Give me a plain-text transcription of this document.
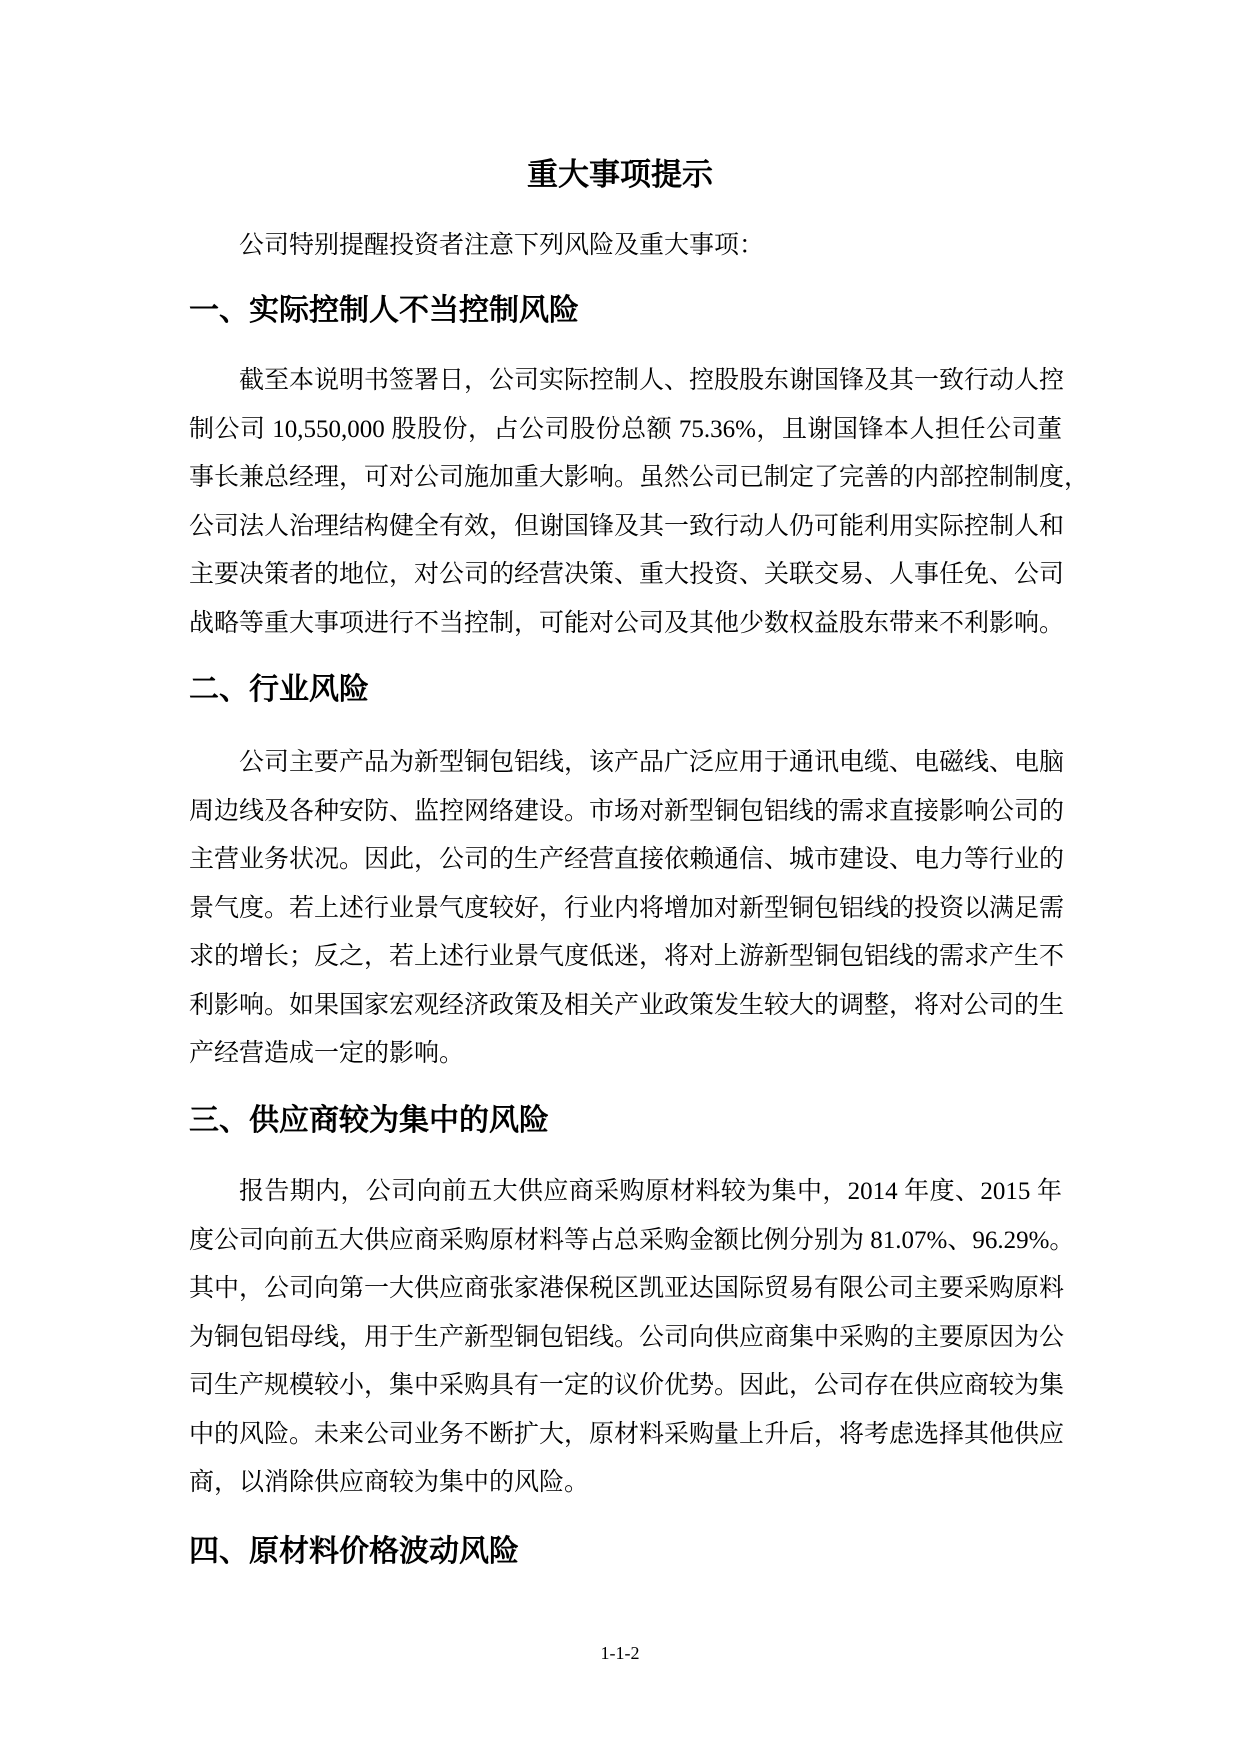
重大事项提示
公司特别提醒投资者注意下列风险及重大事项：
一、实际控制人不当控制风险
截至本说明书签署日，公司实际控制人、控股股东谢国锋及其一致行动人控
制公司 10,550,000 股股份，占公司股份总额 75.36%，且谢国锋本人担任公司董
事长兼总经理，可对公司施加重大影响。虽然公司已制定了完善的内部控制制度，
公司法人治理结构健全有效，但谢国锋及其一致行动人仍可能利用实际控制人和
主要决策者的地位，对公司的经营决策、重大投资、关联交易、人事任免、公司
战略等重大事项进行不当控制，可能对公司及其他少数权益股东带来不利影响。
二、行业风险
公司主要产品为新型铜包铝线，该产品广泛应用于通讯电缆、电磁线、电脑
周边线及各种安防、监控网络建设。市场对新型铜包铝线的需求直接影响公司的
主营业务状况。因此，公司的生产经营直接依赖通信、城市建设、电力等行业的
景气度。若上述行业景气度较好，行业内将增加对新型铜包铝线的投资以满足需
求的增长；反之，若上述行业景气度低迷，将对上游新型铜包铝线的需求产生不
利影响。如果国家宏观经济政策及相关产业政策发生较大的调整，将对公司的生
产经营造成一定的影响。
三、供应商较为集中的风险
报告期内，公司向前五大供应商采购原材料较为集中，2014 年度、2015 年
度公司向前五大供应商采购原材料等占总采购金额比例分别为 81.07%、96.29%。
其中，公司向第一大供应商张家港保税区凯亚达国际贸易有限公司主要采购原料
为铜包铝母线，用于生产新型铜包铝线。公司向供应商集中采购的主要原因为公
司生产规模较小，集中采购具有一定的议价优势。因此，公司存在供应商较为集
中的风险。未来公司业务不断扩大，原材料采购量上升后，将考虑选择其他供应
商，以消除供应商较为集中的风险。
四、原材料价格波动风险
1-1-2
